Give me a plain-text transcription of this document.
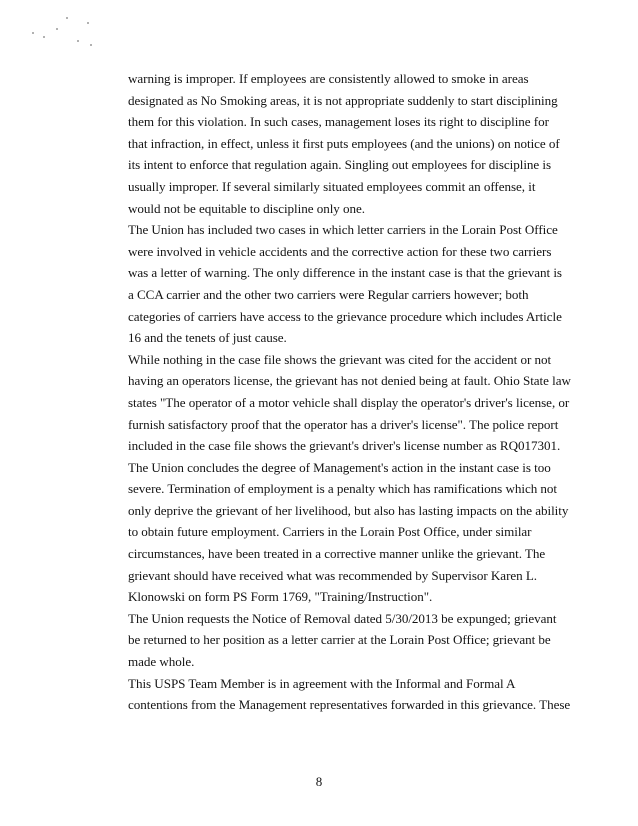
warning is improper. If employees are consistently allowed to smoke in areas
designated as No Smoking areas, it is not appropriate suddenly to start disciplining
them for this violation. In such cases, management loses its right to discipline for
that infraction, in effect, unless it first puts employees (and the unions) on notice of
its intent to enforce that regulation again. Singling out employees for discipline is
usually improper. If several similarly situated employees commit an offense, it
would not be equitable to discipline only one.
The Union has included two cases in which letter carriers in the Lorain Post Office
were involved in vehicle accidents and the corrective action for these two carriers
was a letter of warning. The only difference in the instant case is that the grievant is
a CCA carrier and the other two carriers were Regular carriers however; both
categories of carriers have access to the grievance procedure which includes Article
16 and the tenets of just cause.
While nothing in the case file shows the grievant was cited for the accident or not
having an operators license, the grievant has not denied being at fault. Ohio State law
states "The operator of a motor vehicle shall display the operator's driver's license, or
furnish satisfactory proof that the operator has a driver's license". The police report
included in the case file shows the grievant's driver's license number as RQ017301.
The Union concludes the degree of Management's action in the instant case is too
severe. Termination of employment is a penalty which has ramifications which not
only deprive the grievant of her livelihood, but also has lasting impacts on the ability
to obtain future employment. Carriers in the Lorain Post Office, under similar
circumstances, have been treated in a corrective manner unlike the grievant. The
grievant should have received what was recommended by Supervisor Karen L.
Klonowski on form PS Form 1769, "Training/Instruction".
The Union requests the Notice of Removal dated 5/30/2013 be expunged; grievant
be returned to her position as a letter carrier at the Lorain Post Office; grievant be
made whole.
This USPS Team Member is in agreement with the Informal and Formal A
contentions from the Management representatives forwarded in this grievance. These
8
